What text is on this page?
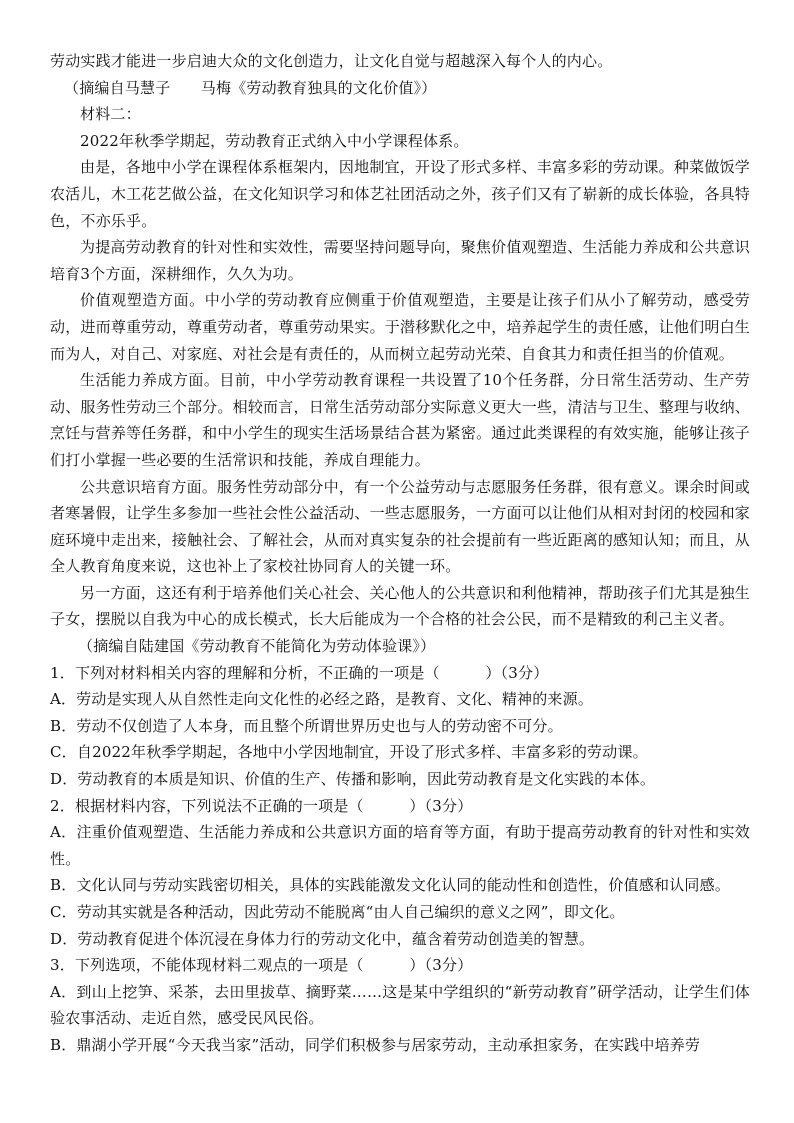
劳动实践才能进一步启迪大众的文化创造力，让文化自觉与超越深入每个人的内心。

（摘编自马慧子　　马梅《劳动教育独具的文化价值》）

材料二：

2022年秋季学期起，劳动教育正式纳入中小学课程体系。

由是，各地中小学在课程体系框架内，因地制宜，开设了形式多样、丰富多彩的劳动课。种菜做饭学农活儿，木工花艺做公益，在文化知识学习和体艺社团活动之外，孩子们又有了崭新的成长体验，各具特色，不亦乐乎。

为提高劳动教育的针对性和实效性，需要坚持问题导向，聚焦价值观塑造、生活能力养成和公共意识培育3个方面，深耕细作，久久为功。

价值观塑造方面。中小学的劳动教育应侧重于价值观塑造，主要是让孩子们从小了解劳动，感受劳动，进而尊重劳动，尊重劳动者，尊重劳动果实。于潜移默化之中，培养起学生的责任感，让他们明白生而为人，对自己、对家庭、对社会是有责任的，从而树立起劳动光荣、自食其力和责任担当的价值观。

生活能力养成方面。目前，中小学劳动教育课程一共设置了10个任务群，分日常生活劳动、生产劳动、服务性劳动三个部分。相较而言，日常生活劳动部分实际意义更大一些，清洁与卫生、整理与收纳、烹饪与营养等任务群，和中小学生的现实生活场景结合甚为紧密。通过此类课程的有效实施，能够让孩子们打小掌握一些必要的生活常识和技能，养成自理能力。

公共意识培育方面。服务性劳动部分中，有一个公益劳动与志愿服务任务群，很有意义。课余时间或者寒暑假，让学生多参加一些社会性公益活动、一些志愿服务，一方面可以让他们从相对封闭的校园和家庭环境中走出来，接触社会、了解社会，从而对真实复杂的社会提前有一些近距离的感知认知；而且，从全人教育角度来说，这也补上了家校社协同育人的关键一环。

另一方面，这还有利于培养他们关心社会、关心他人的公共意识和利他精神，帮助孩子们尤其是独生子女，摆脱以自我为中心的成长模式，长大后能成为一个合格的社会公民，而不是精致的利己主义者。

（摘编自陆建国《劳动教育不能简化为劳动体验课》）

1．下列对材料相关内容的理解和分析，不正确的一项是（　　　）（3分）

A．劳动是实现人从自然性走向文化性的必经之路，是教育、文化、精神的来源。

B．劳动不仅创造了人本身，而且整个所谓世界历史也与人的劳动密不可分。

C．自2022年秋季学期起，各地中小学因地制宜，开设了形式多样、丰富多彩的劳动课。

D．劳动教育的本质是知识、价值的生产、传播和影响，因此劳动教育是文化实践的本体。

2．根据材料内容，下列说法不正确的一项是（　　　）（3分）

A．注重价值观塑造、生活能力养成和公共意识方面的培育等方面，有助于提高劳动教育的针对性和实效性。

B．文化认同与劳动实践密切相关，具体的实践能激发文化认同的能动性和创造性，价值感和认同感。

C．劳动其实就是各种活动，因此劳动不能脱离“由人自己编织的意义之网”，即文化。

D．劳动教育促进个体沉浸在身体力行的劳动文化中，蕴含着劳动创造美的智慧。

3．下列选项，不能体现材料二观点的一项是（　　　）（3分）

A．到山上挖笋、采茶，去田里拔草、摘野菜……这是某中学组织的“新劳动教育”研学活动，让学生们体验农事活动、走近自然，感受民风民俗。

B．鼎湖小学开展“今天我当家”活动，同学们积极参与居家劳动，主动承担家务，在实践中培养劳
